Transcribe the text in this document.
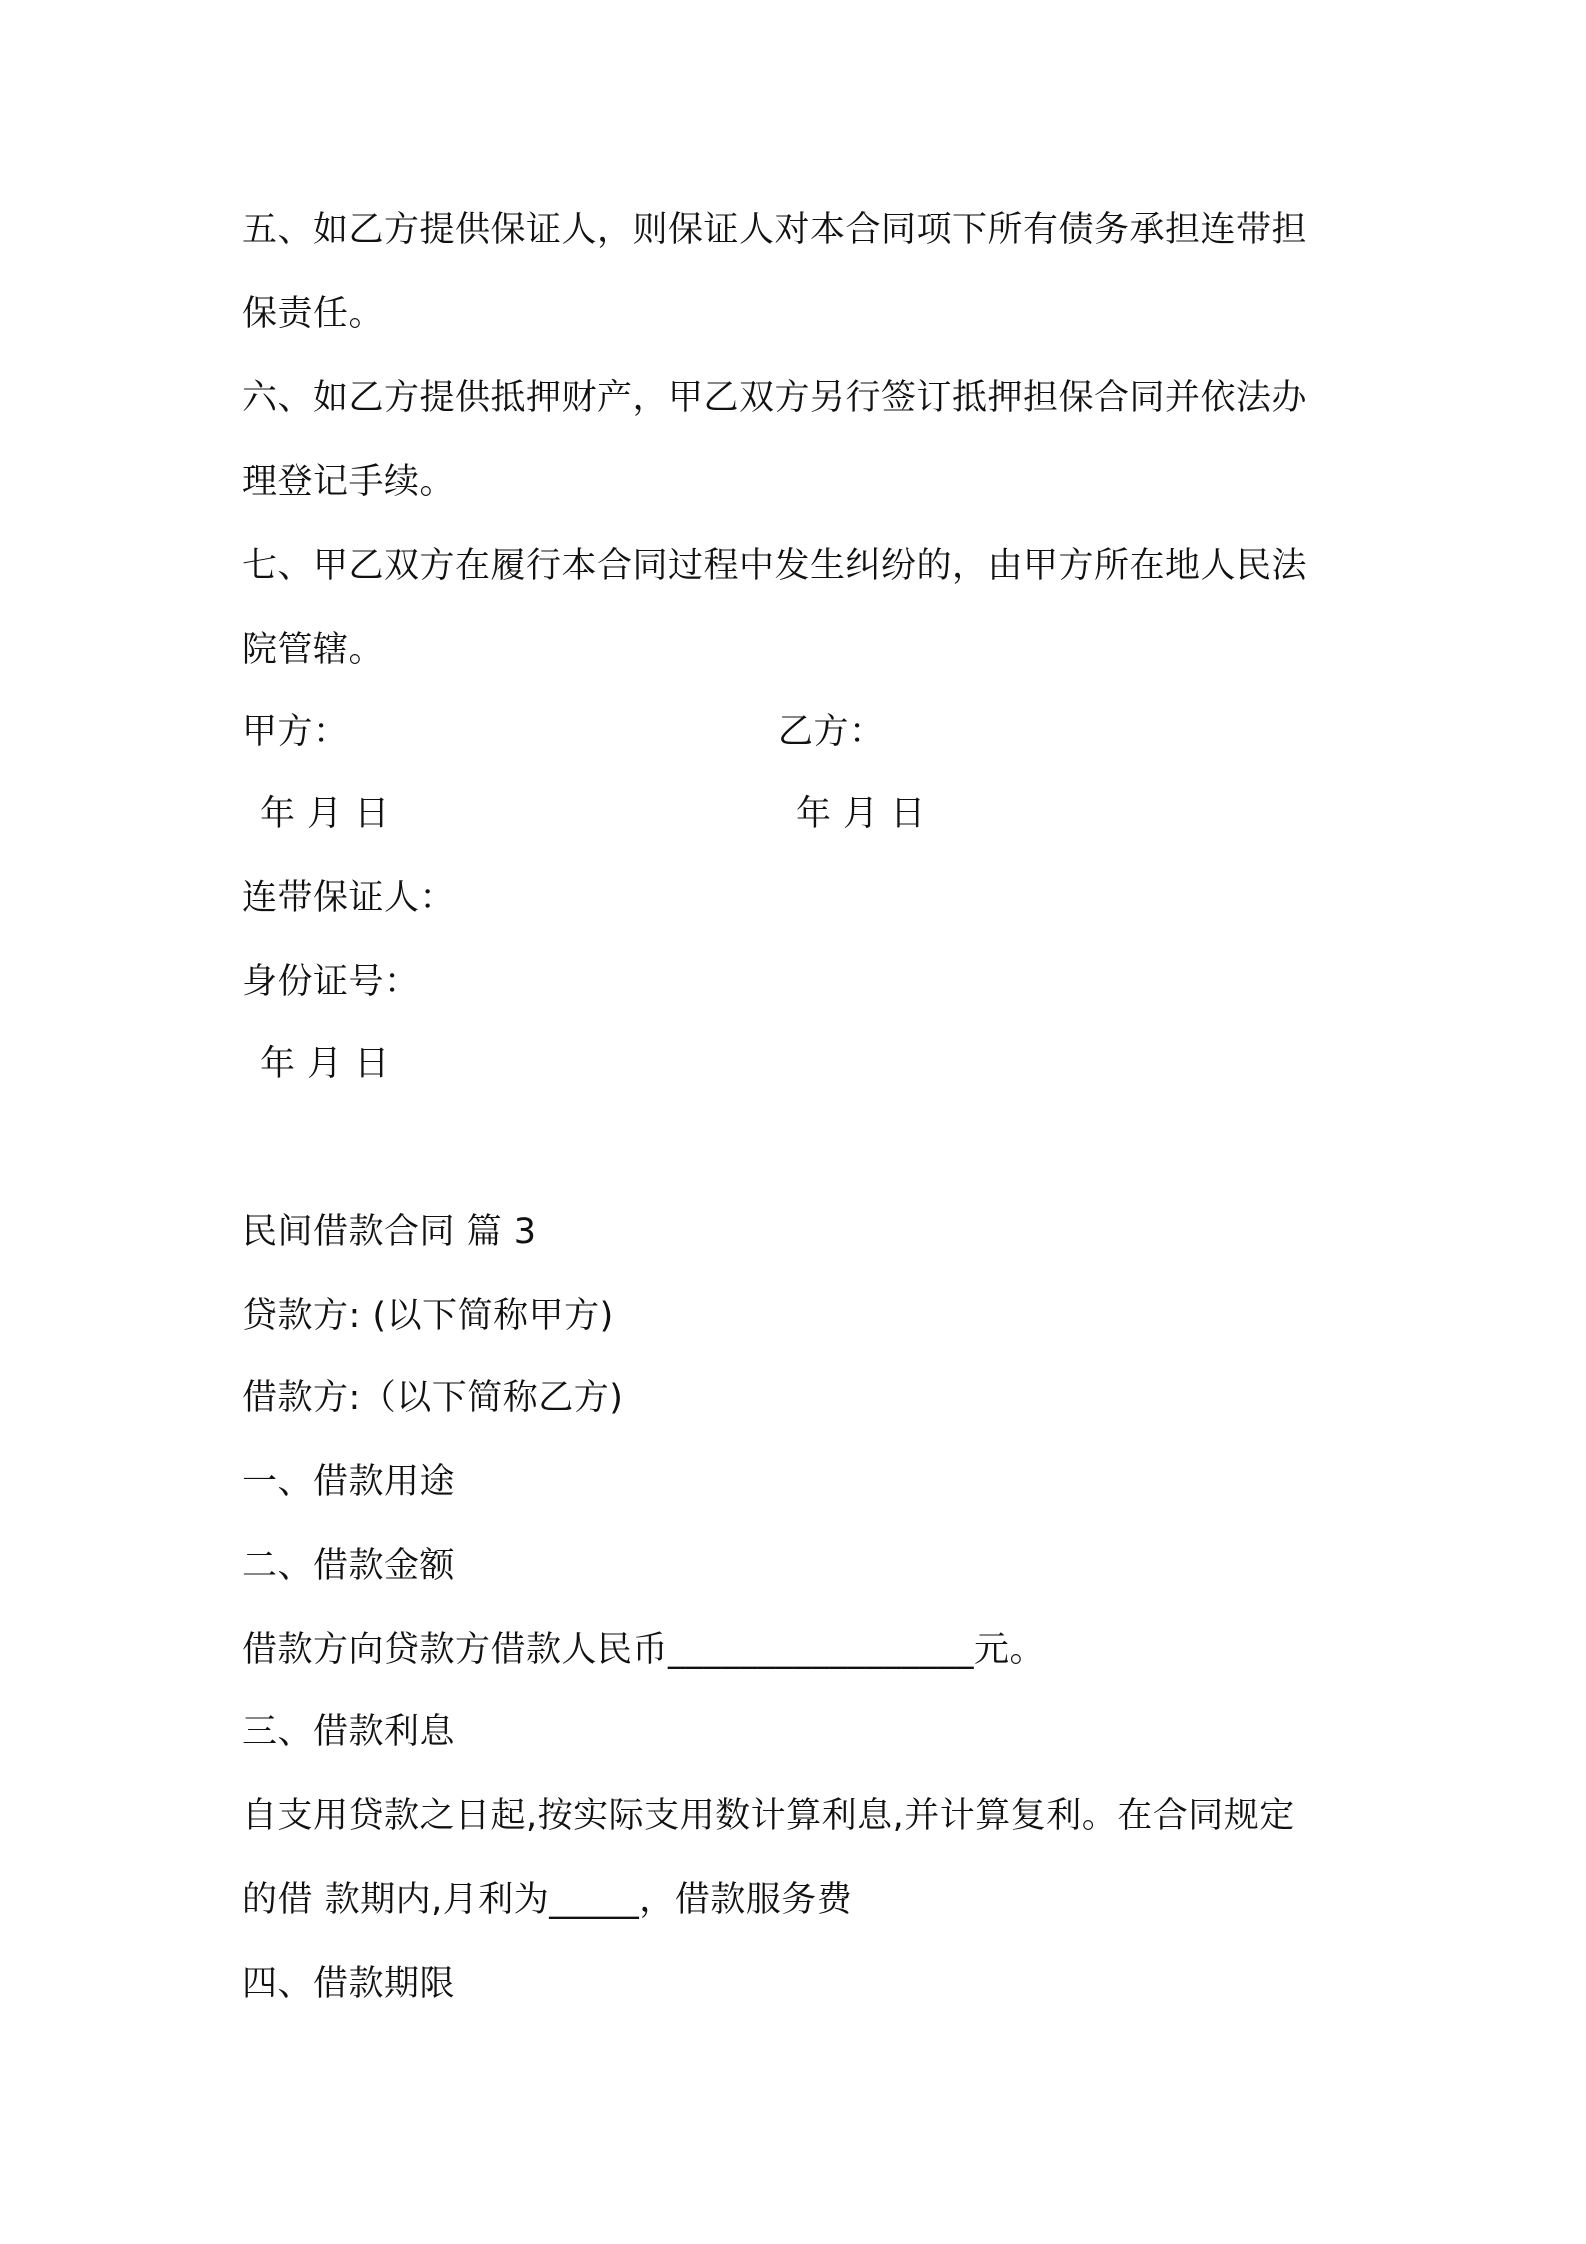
五、如乙方提供保证人，则保证人对本合同项下所有债务承担连带担
保责任。
六、如乙方提供抵押财产，甲乙双方另行签订抵押担保合同并依法办
理登记手续。
七、甲乙双方在履行本合同过程中发生纠纷的，由甲方所在地人民法
院管辖。
甲方：	乙方：
年 月 日	年 月 日
连带保证人：
身份证号：
年 月 日
民间借款合同 篇 3
贷款方: (以下简称甲方)
借款方:（以下简称乙方)
一、借款用途
二、借款金额
借款方向贷款方借款人民币_________________元。
三、借款利息
自支用贷款之日起,按实际支用数计算利息,并计算复利。在合同规定
的借 款期内,月利为_____，借款服务费
四、借款期限
